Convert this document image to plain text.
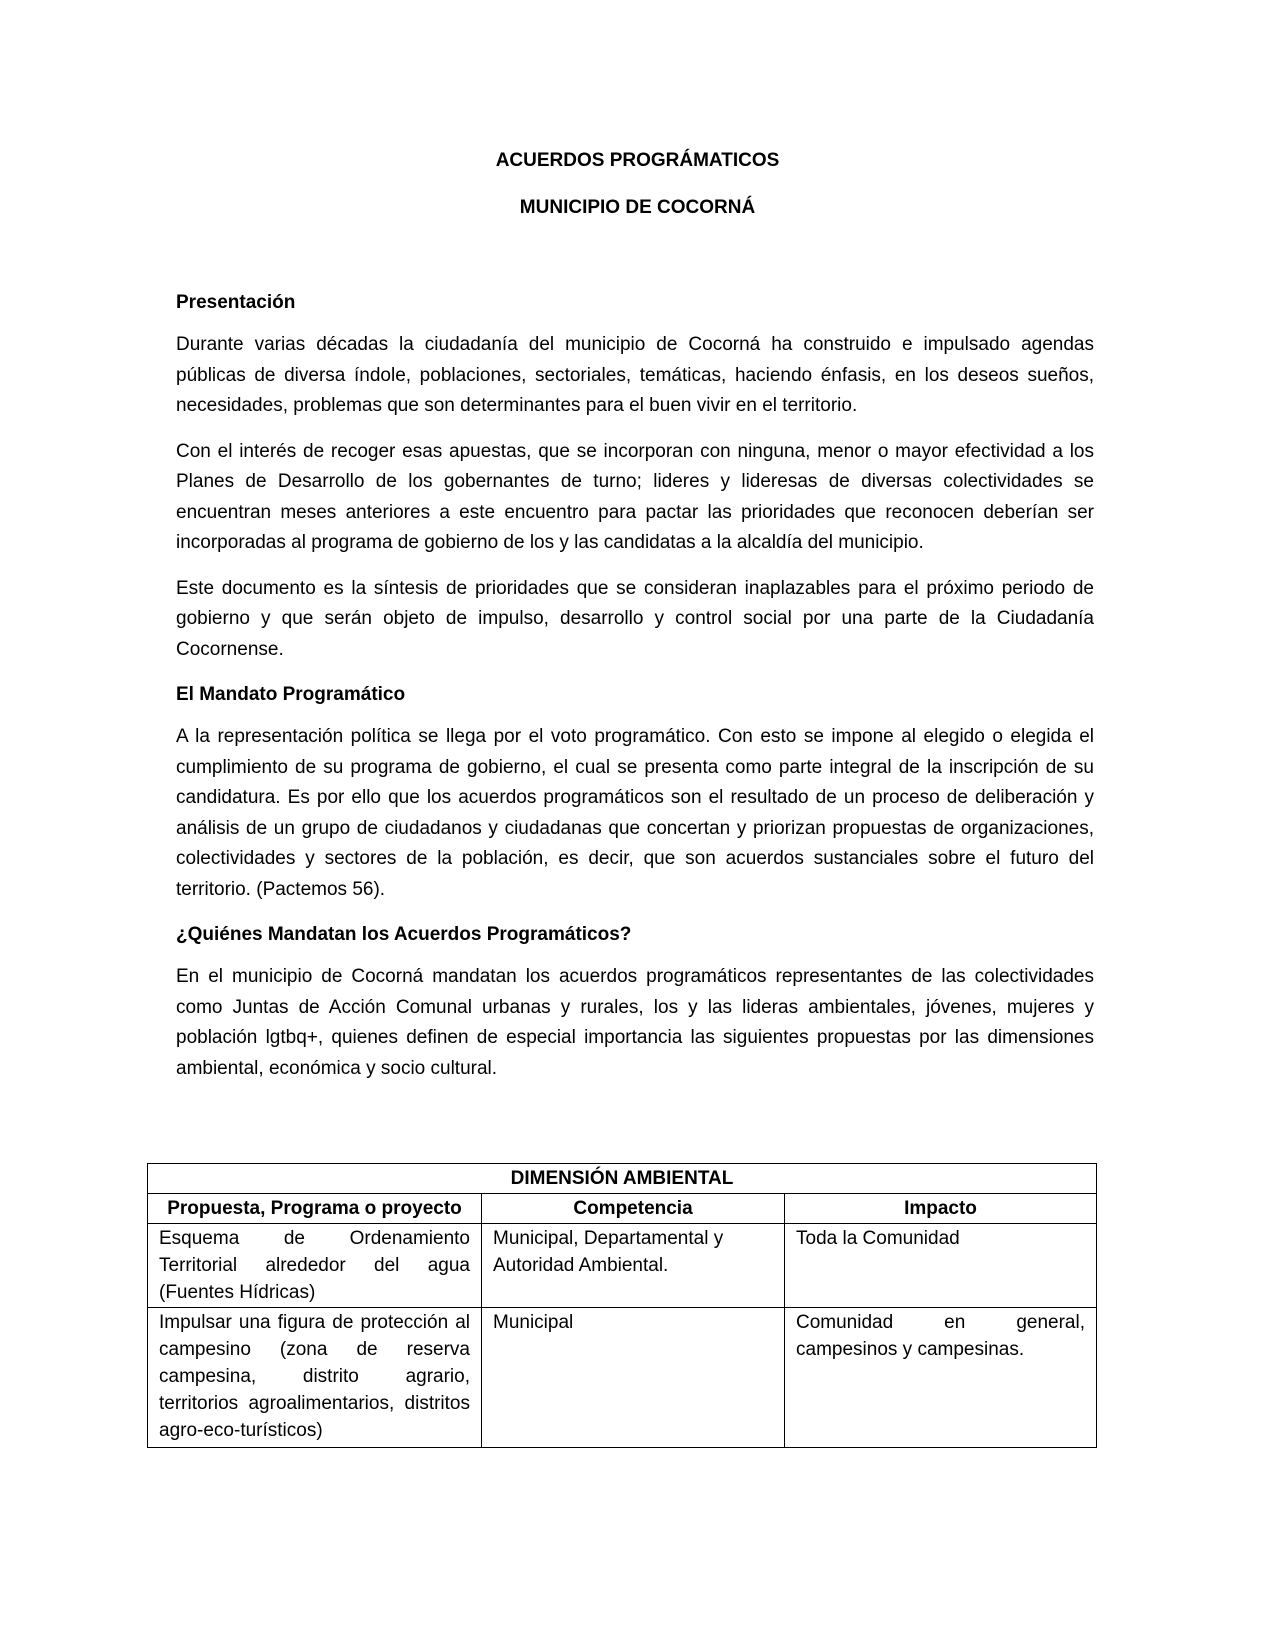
ACUERDOS PROGRÁMATICOS
MUNICIPIO DE COCORNÁ
Presentación

Durante varias décadas la ciudadanía del municipio de Cocorná ha construido e impulsado agendas públicas de diversa índole, poblaciones, sectoriales, temáticas, haciendo énfasis, en los deseos sueños, necesidades, problemas que son determinantes para el buen vivir en el territorio.

Con el interés de recoger esas apuestas, que se incorporan con ninguna, menor o mayor efectividad a los Planes de Desarrollo de los gobernantes de turno; lideres y lideresas de diversas colectividades se encuentran meses anteriores a este encuentro para pactar las prioridades que reconocen deberían ser incorporadas al programa de gobierno de los y las candidatas a la alcaldía del municipio.

Este documento es la síntesis de prioridades que se consideran inaplazables para el próximo periodo de gobierno y que serán objeto de impulso, desarrollo y control social por una parte de la Ciudadanía Cocornense.

El Mandato Programático

A la representación política se llega por el voto programático. Con esto se impone al elegido o elegida el cumplimiento de su programa de gobierno, el cual se presenta como parte integral de la inscripción de su candidatura. Es por ello que los acuerdos programáticos son el resultado de un proceso de deliberación y análisis de un grupo de ciudadanos y ciudadanas que concertan y priorizan propuestas de organizaciones, colectividades y sectores de la población, es decir, que son acuerdos sustanciales sobre el futuro del territorio. (Pactemos 56).

¿Quiénes Mandatan los Acuerdos Programáticos?

En el municipio de Cocorná mandatan los acuerdos programáticos representantes de las colectividades como Juntas de Acción Comunal urbanas y rurales, los y las lideras ambientales, jóvenes, mujeres y población lgtbq+, quienes definen de especial importancia las siguientes propuestas por las dimensiones ambiental, económica y socio cultural.

DIMENSIÓN AMBIENTAL		
Propuesta, Programa o proyecto	Competencia	Impacto
Esquema de Ordenamiento Territorial alrededor del agua (Fuentes Hídricas)	Municipal, Departamental y Autoridad Ambiental.	Toda la Comunidad
Impulsar una figura de protección al campesino (zona de reserva campesina, distrito agrario, territorios agroalimentarios, distritos agro-eco-turísticos)	Municipal	Comunidad en general, campesinos y campesinas.
